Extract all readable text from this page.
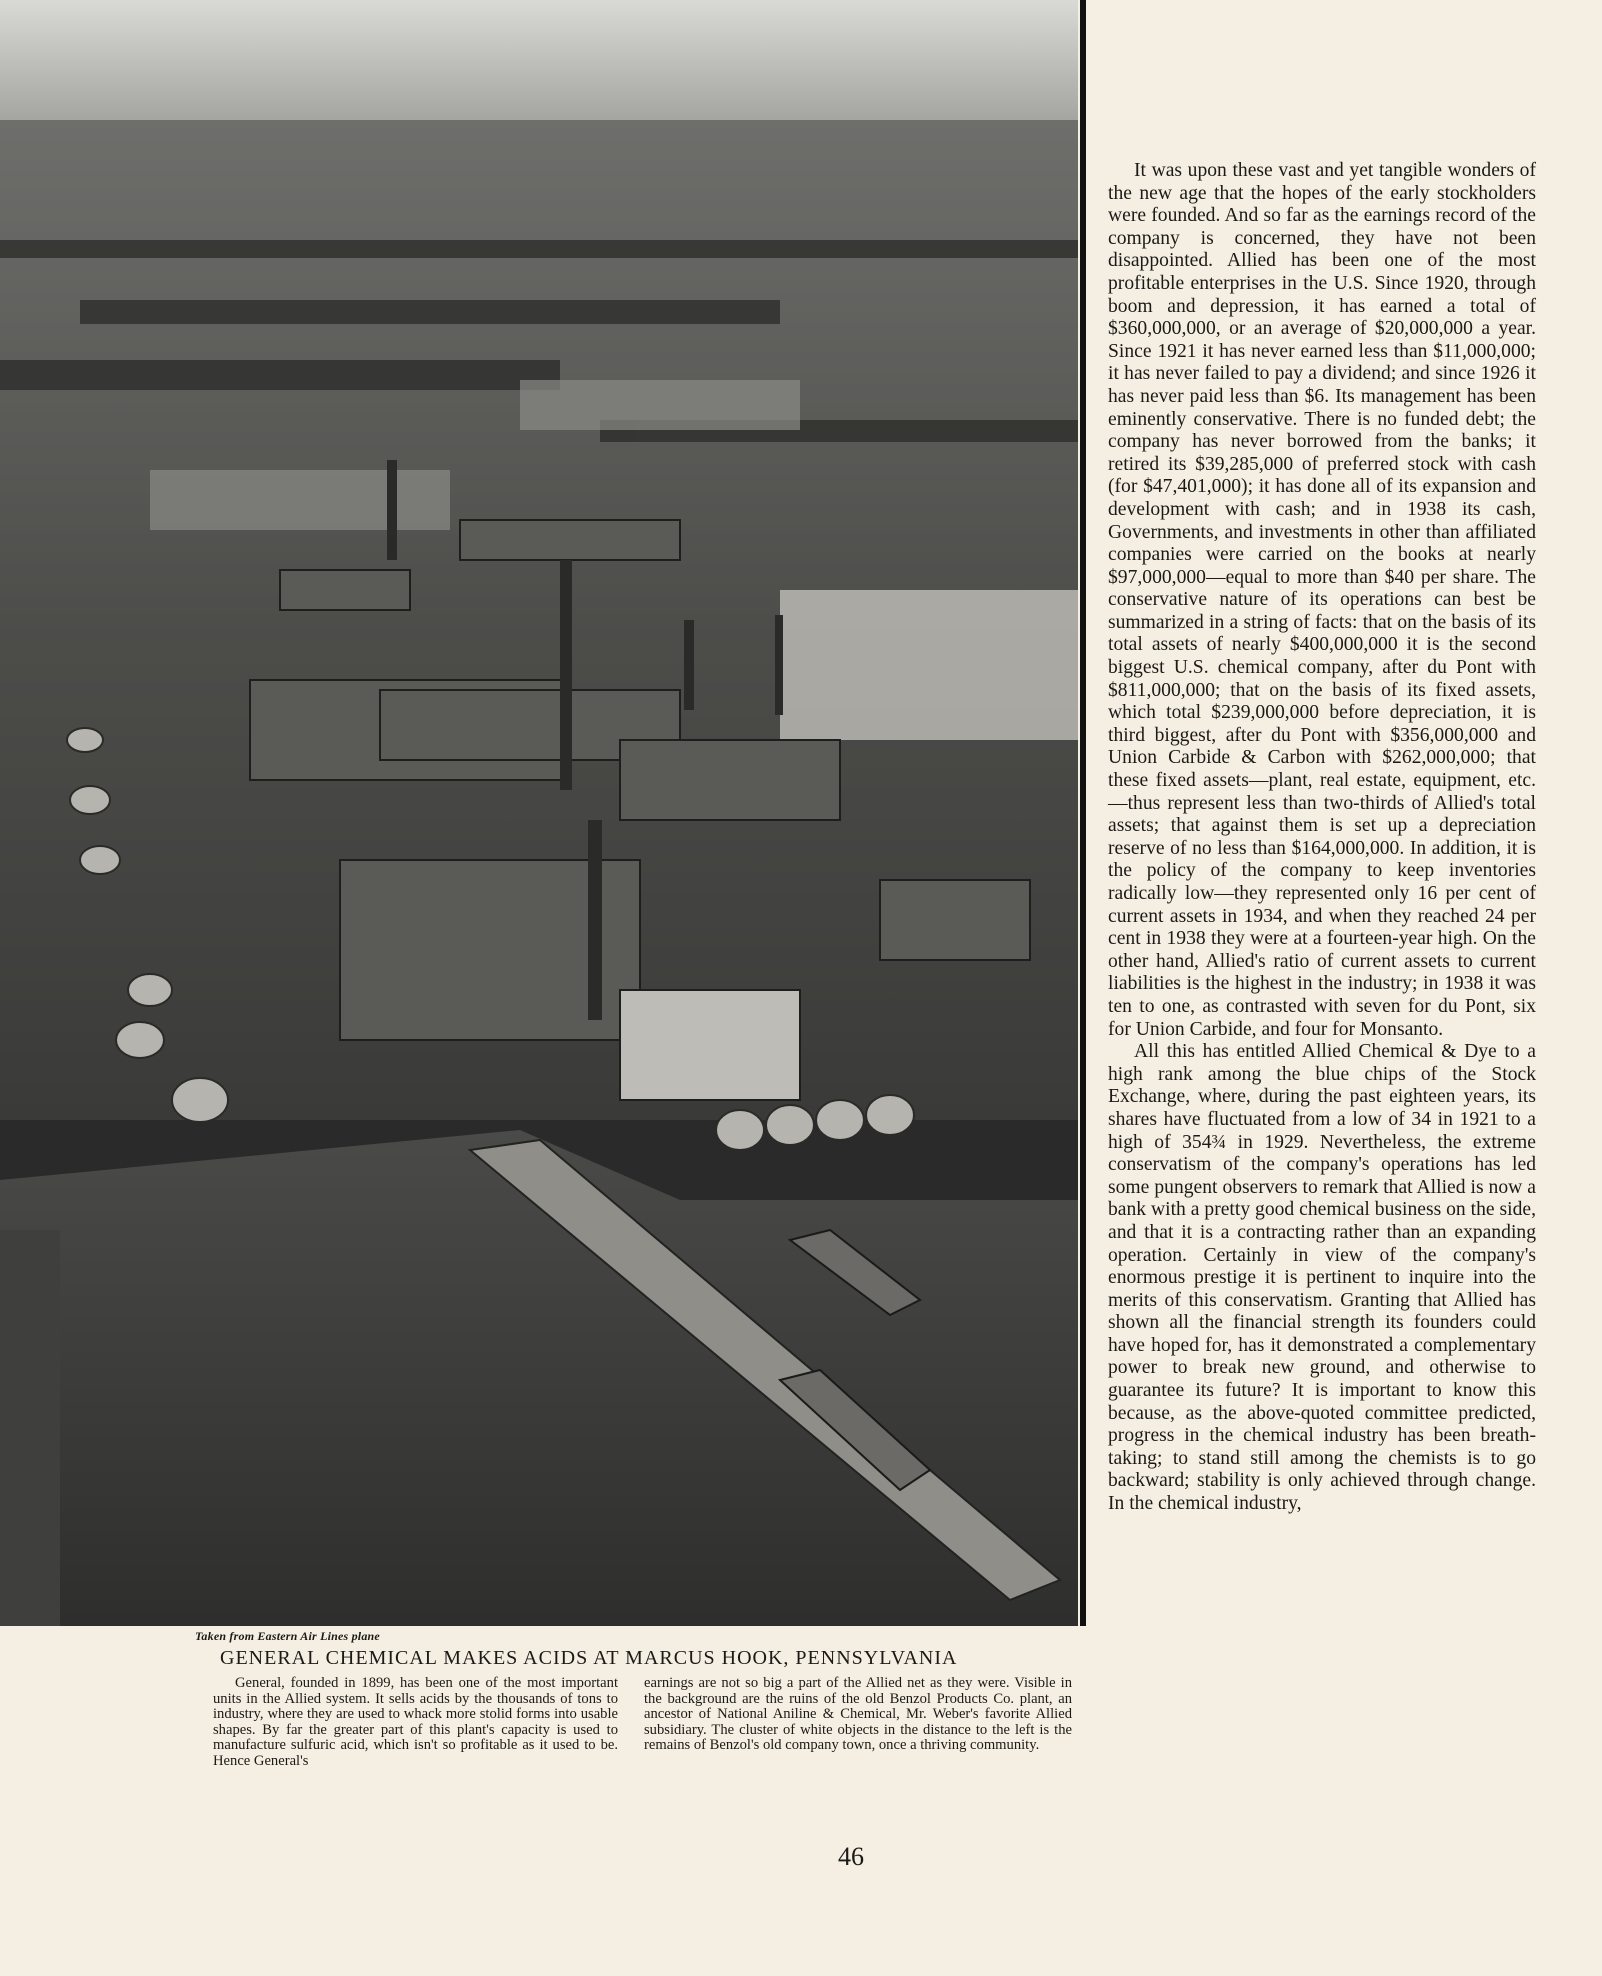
Taken from Eastern Air Lines plane
GENERAL CHEMICAL MAKES ACIDS AT MARCUS HOOK, PENNSYLVANIA
General, founded in 1899, has been one of the most important units in the Allied system. It sells acids by the thousands of tons to industry, where they are used to whack more stolid forms into usable shapes. By far the greater part of this plant's capacity is used to manufacture sulfuric acid, which isn't so profitable as it used to be. Hence General's
earnings are not so big a part of the Allied net as they were. Visible in the background are the ruins of the old Benzol Products Co. plant, an ancestor of National Aniline & Chemical, Mr. Weber's favorite Allied subsidiary. The cluster of white objects in the distance to the left is the remains of Benzol's old company town, once a thriving community.

It was upon these vast and yet tangible wonders of the new age that the hopes of the early stockholders were founded. And so far as the earnings record of the company is concerned, they have not been disappointed. Allied has been one of the most profitable enterprises in the U.S. Since 1920, through boom and depression, it has earned a total of $360,000,000, or an average of $20,000,000 a year. Since 1921 it has never earned less than $11,000,000; it has never failed to pay a dividend; and since 1926 it has never paid less than $6. Its management has been eminently conservative. There is no funded debt; the company has never borrowed from the banks; it retired its $39,285,000 of preferred stock with cash (for $47,401,000); it has done all of its expansion and development with cash; and in 1938 its cash, Governments, and investments in other than affiliated companies were carried on the books at nearly $97,000,000—equal to more than $40 per share. The conservative nature of its operations can best be summarized in a string of facts: that on the basis of its total assets of nearly $400,000,000 it is the second biggest U.S. chemical company, after du Pont with $811,000,000; that on the basis of its fixed assets, which total $239,000,000 before depreciation, it is third biggest, after du Pont with $356,000,000 and Union Carbide & Carbon with $262,000,000; that these fixed assets—plant, real estate, equipment, etc.—thus represent less than two-thirds of Allied's total assets; that against them is set up a depreciation reserve of no less than $164,000,000. In addition, it is the policy of the company to keep inventories radically low—they represented only 16 per cent of current assets in 1934, and when they reached 24 per cent in 1938 they were at a fourteen-year high. On the other hand, Allied's ratio of current assets to current liabilities is the highest in the industry; in 1938 it was ten to one, as contrasted with seven for du Pont, six for Union Carbide, and four for Monsanto.

All this has entitled Allied Chemical & Dye to a high rank among the blue chips of the Stock Exchange, where, during the past eighteen years, its shares have fluctuated from a low of 34 in 1921 to a high of 354¾ in 1929. Nevertheless, the extreme conservatism of the company's operations has led some pungent observers to remark that Allied is now a bank with a pretty good chemical business on the side, and that it is a contracting rather than an expanding operation. Certainly in view of the company's enormous prestige it is pertinent to inquire into the merits of this conservatism. Granting that Allied has shown all the financial strength its founders could have hoped for, has it demonstrated a complementary power to break new ground, and otherwise to guarantee its future? It is important to know this because, as the above-quoted committee predicted, progress in the chemical industry has been breath-taking; to stand still among the chemists is to go backward; stability is only achieved through change. In the chemical industry,

46
